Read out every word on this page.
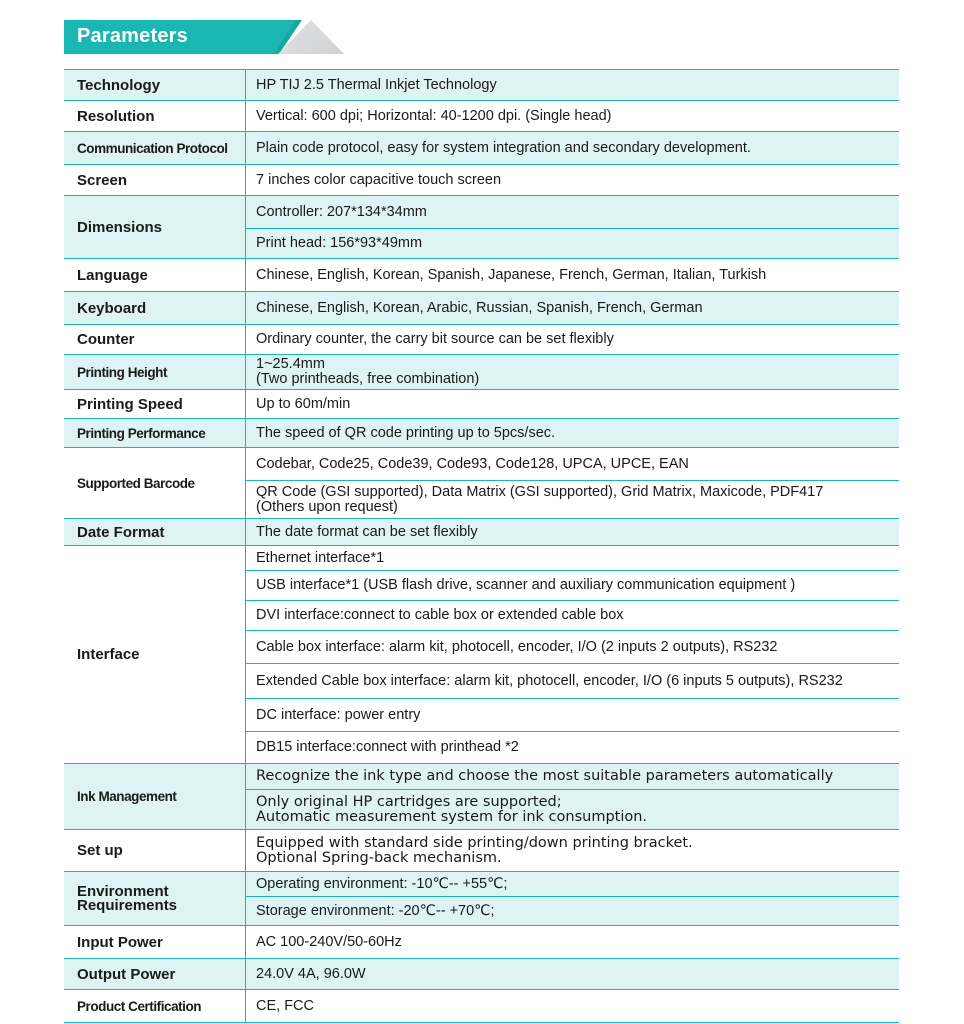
Parameters
Technology	HP TIJ 2.5 Thermal Inkjet Technology
Resolution	Vertical: 600 dpi; Horizontal: 40-1200 dpi. (Single head)
Communication Protocol	Plain code protocol, easy for system integration and secondary development.
Screen	7 inches color capacitive touch screen
Dimensions	Controller: 207*134*34mm
	Print head: 156*93*49mm
Language	Chinese, English, Korean, Spanish, Japanese, French, German, Italian, Turkish
Keyboard	Chinese, English, Korean, Arabic, Russian, Spanish, French, German
Counter	Ordinary counter, the carry bit source can be set flexibly
Printing Height	1~25.4mm
(Two printheads, free combination)

Printing Speed	Up to 60m/min
Printing Performance	The speed of QR code printing up to 5pcs/sec.
Supported Barcode	Codebar, Code25, Code39, Code93, Code128, UPCA, UPCE, EAN

	QR Code (GSI supported), Data Matrix (GSI supported), Grid Matrix, Maxicode, PDF417
(Others upon request)

Date Format	The date format can be set flexibly
Interface	Ethernet interface*1
	USB interface*1 (USB flash drive, scanner and auxiliary communication equipment )
	DVI interface:connect to cable box or extended cable box
	Cable box interface: alarm kit, photocell, encoder, I/O (2 inputs 2 outputs), RS232
	Extended Cable box interface: alarm kit, photocell, encoder, I/O (6 inputs 5 outputs), RS232
	DC interface: power entry
	DB15 interface:connect with printhead *2
Ink Management	Recognize the ink type and choose the most suitable parameters automatically

	Only original HP cartridges are supported;
Automatic measurement system for ink consumption.

Set up	Equipped with standard side printing/down printing bracket.
Optional Spring-back mechanism.

Environment
Requirements	Operating environment: -10℃-- +55℃;
	Storage environment: -20℃-- +70℃;
Input Power	AC 100-240V/50-60Hz
Output Power	24.0V 4A, 96.0W
Product Certification	CE, FCC
